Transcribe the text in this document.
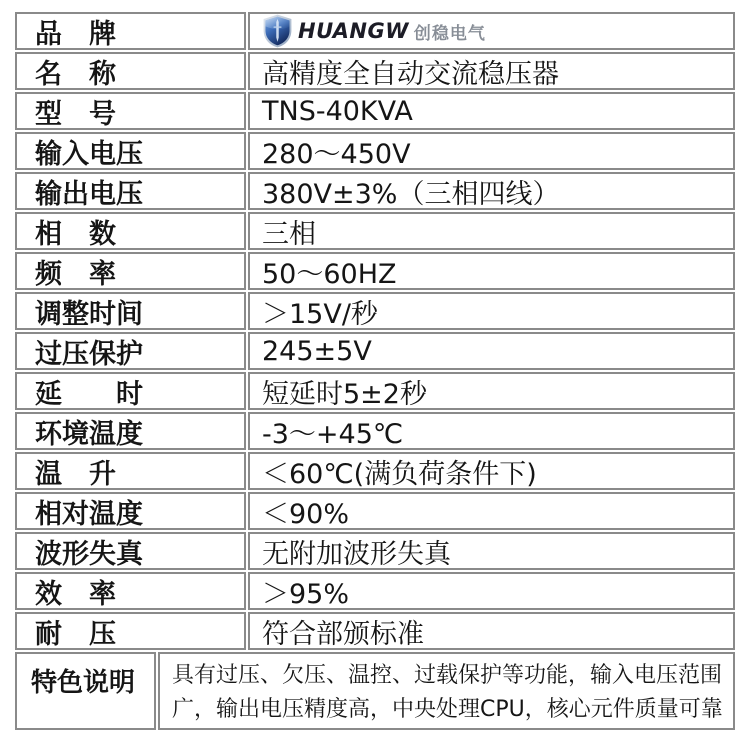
品　牌	HUANGW 创稳电气
名　称	高精度全自动交流稳压器
型　号	TNS-40KVA
输入电压	280～450V
输出电压	380V±3%（三相四线）
相　数	三相
频　率	50～60HZ
调整时间	＞15V/秒
过压保护	245±5V
延　　时	短延时5±2秒
环境温度	-3～+45℃
温　升	＜60℃(满负荷条件下)
相对温度	＜90%
波形失真	无附加波形失真
效　率	＞95%
耐　压	符合部颁标准
特色说明	具有过压、欠压、温控、过载保护等功能，输入电压范围广，输出电压精度高，中央处理CPU，核心元件质量可靠
